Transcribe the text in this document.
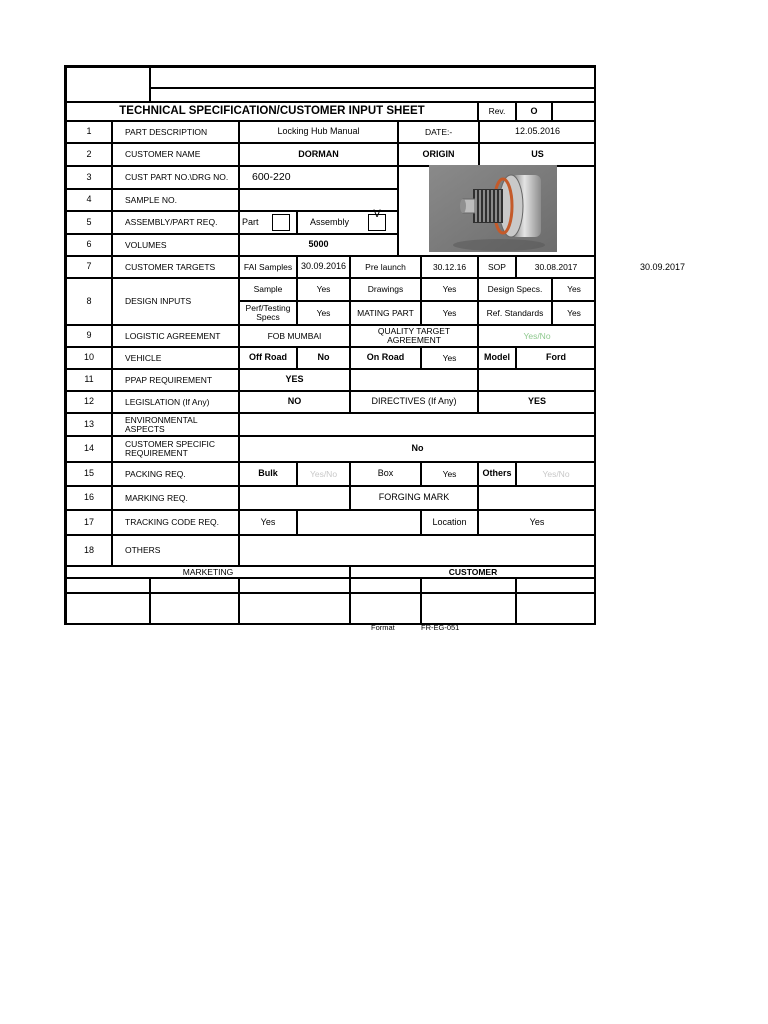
TECHNICAL SPECIFICATION/CUSTOMER INPUT SHEET	Rev.	O
1	PART DESCRIPTION	Locking Hub Manual	DATE:-	12.05.2016
2	CUSTOMER NAME	DORMAN	ORIGIN	US
3	CUST PART NO.\DRG NO.	600-220
4	SAMPLE NO.
5	ASSEMBLY/PART REQ.	Part	Assembly
V
6	VOLUMES	5000
7	CUSTOMER TARGETS	FAI Samples 30.09.2016	Pre launch	30.12.16	SOP	30.08.2017
8	DESIGN INPUTS
Sample	Yes	Drawings	Yes	Design Specs.	Yes
Perf/Testing Specs	Yes	MATING PART	Yes	Ref. Standards	Yes
9	LOGISTIC AGREEMENT	FOB MUMBAI	QUALITY TARGET AGREEMENT	Yes/No
10	VEHICLE	Off Road	No	On Road	Yes	Model	Ford
11	PPAP REQUIREMENT	YES
12	LEGISLATION (If Any)	NO	DIRECTIVES (If Any)	YES
13	ENVIRONMENTAL ASPECTS
14	CUSTOMER SPECIFIC REQUIREMENT	No
15	PACKING REQ.	Bulk	Yes/No	Box	Yes	Others	Yes/No
16	MARKING REQ.	FORGING MARK
17	TRACKING CODE REQ.	Yes	Location	Yes
18	OTHERS
MARKETING	CUSTOMER
30.09.2017
Format	FR-EG-051
